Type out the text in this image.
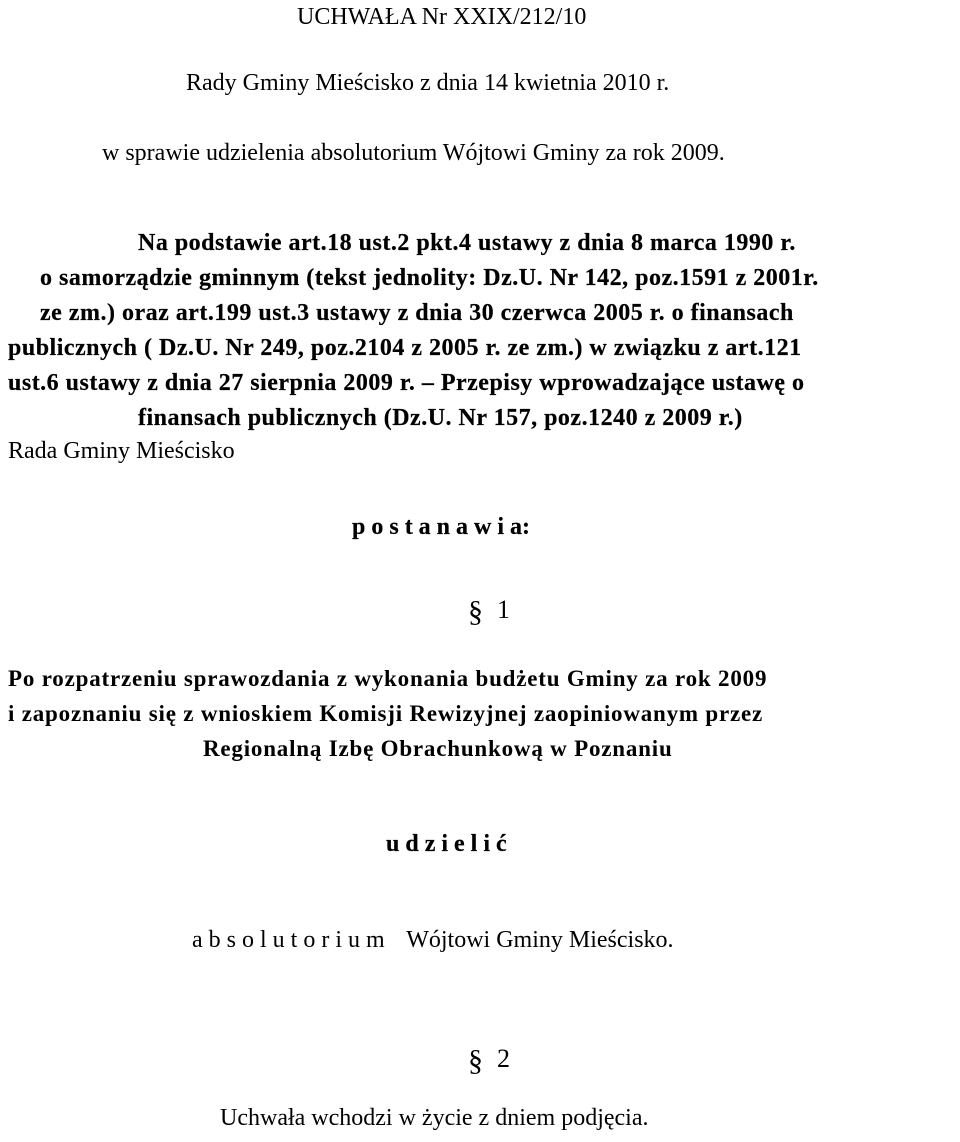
UCHWAŁA Nr XXIX/212/10
Rady Gminy Mieścisko z dnia 14 kwietnia 2010 r.
w sprawie udzielenia absolutorium Wójtowi Gminy za rok 2009.
Na podstawie art.18 ust.2 pkt.4 ustawy z dnia 8 marca 1990 r.
o samorządzie gminnym (tekst jednolity: Dz.U. Nr 142, poz.1591 z 2001r.
ze zm.) oraz art.199 ust.3 ustawy z dnia 30 czerwca 2005 r. o finansach
publicznych ( Dz.U. Nr 249, poz.2104 z 2005 r. ze zm.) w związku z art.121
ust.6 ustawy z dnia 27 sierpnia 2009 r. – Przepisy wprowadzające ustawę o
finansach publicznych (Dz.U. Nr 157, poz.1240 z 2009 r.)
Rada Gminy Mieścisko
p o s t a n a w i a:
§ 1
Po rozpatrzeniu sprawozdania z wykonania budżetu Gminy za rok 2009
i zapoznaniu się z wnioskiem Komisji Rewizyjnej zaopiniowanym przez
Regionalną Izbę Obrachunkową w Poznaniu
u d z i e l i ć
a b s o l u t o r i u m Wójtowi Gminy Mieścisko.
§ 2
Uchwała wchodzi w życie z dniem podjęcia.
